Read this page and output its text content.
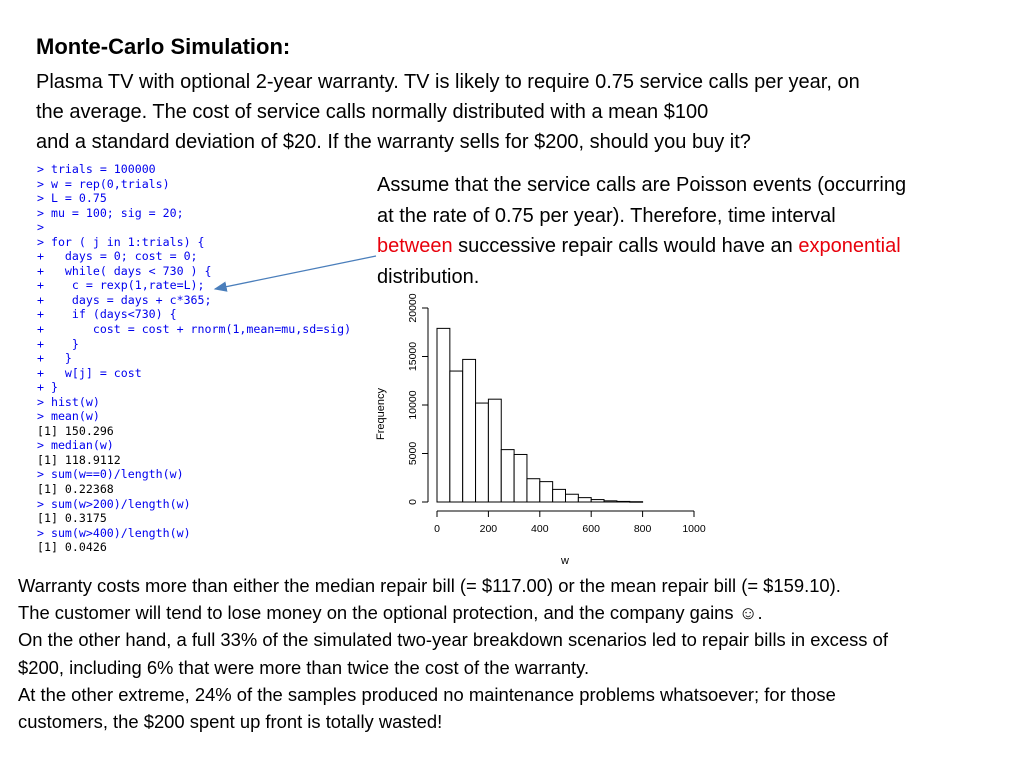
Monte-Carlo Simulation:
Plasma TV with optional 2-year warranty. TV is likely to require 0.75 service calls per year, on
the average. The cost of service calls normally distributed with a mean $100
and a standard deviation of $20. If the warranty sells for $200, should you buy it?
> trials = 100000
> w = rep(0,trials)
> L = 0.75
> mu = 100; sig = 20;
>
> for ( j in 1:trials) {
+   days = 0; cost = 0;
+   while( days < 730 ) {
+    c = rexp(1,rate=L);
+    days = days + c*365;
+    if (days<730) {
+       cost = cost + rnorm(1,mean=mu,sd=sig)
+    }
+   }
+   w[j] = cost
+ }
> hist(w)
> mean(w)
[1] 150.296
> median(w)
[1] 118.9112
> sum(w==0)/length(w)
[1] 0.22368
> sum(w>200)/length(w)
[1] 0.3175
> sum(w>400)/length(w)
[1] 0.0426
Assume that the service calls are Poisson events (occurring
at the rate of 0.75 per year). Therefore, time interval
between successive repair calls would have an exponential
distribution.
0	200	400	600	800	1000
0
5000
10000
15000
20000
Frequency
w
Warranty costs more than either the median repair bill (= $117.00) or the mean repair bill (= $159.10).
The customer will tend to lose money on the optional protection, and the company gains ☺.
On the other hand, a full 33% of the simulated two-year breakdown scenarios led to repair bills in excess of
$200, including 6% that were more than twice the cost of the warranty.
At the other extreme, 24% of the samples produced no maintenance problems whatsoever; for those
customers, the $200 spent up front is totally wasted!
